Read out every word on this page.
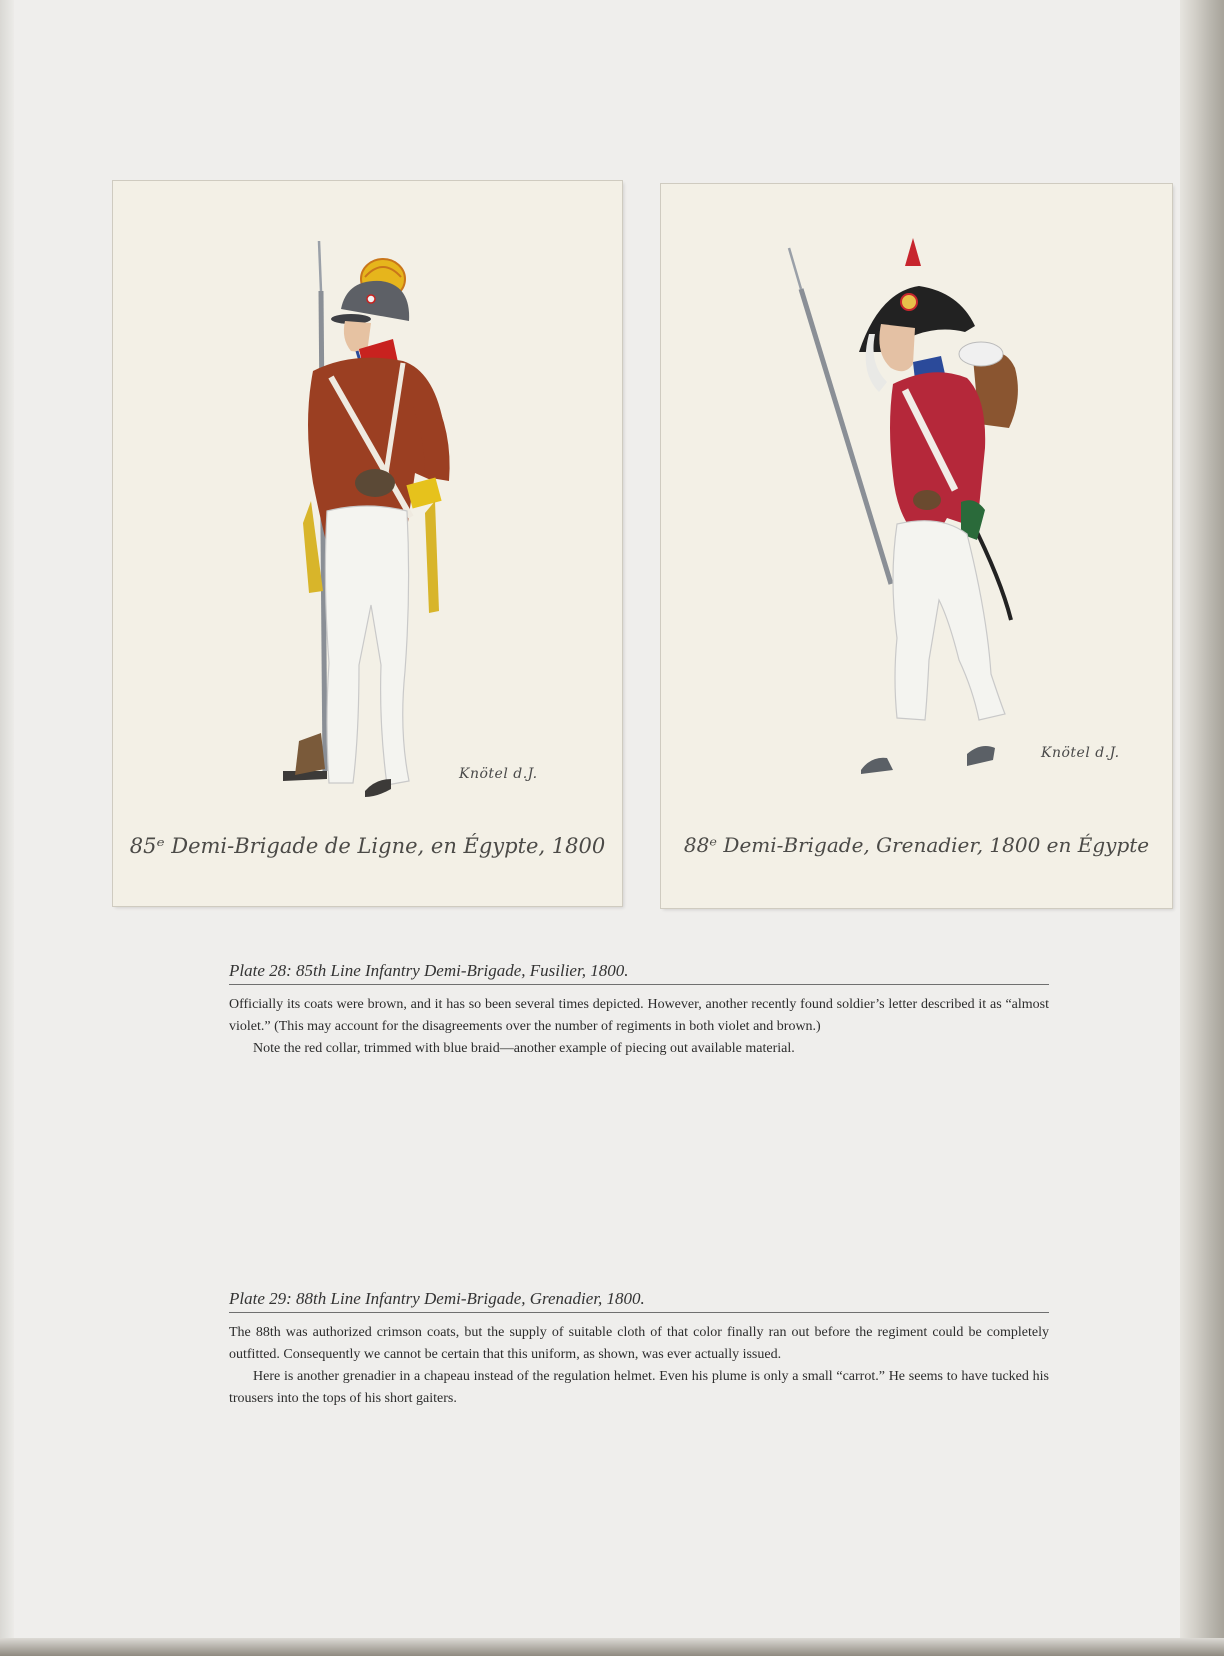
Knötel d.J.
85ᵉ Demi-Brigade de Ligne, en Égypte, 1800
Knötel d.J.
88ᵉ Demi-Brigade, Grenadier, 1800 en Égypte
Plate 28: 85th Line Infantry Demi-Brigade, Fusilier, 1800.

Officially its coats were brown, and it has so been several times depicted. However, another recently found soldier’s letter described it as “almost violet.” (This may account for the disagreements over the number of regiments in both violet and brown.)

Note the red collar, trimmed with blue braid—another example of piecing out available material.

Plate 29: 88th Line Infantry Demi-Brigade, Grenadier, 1800.

The 88th was authorized crimson coats, but the supply of suitable cloth of that color finally ran out before the regiment could be completely outfitted. Consequently we cannot be certain that this uniform, as shown, was ever actually issued.

Here is another grenadier in a chapeau instead of the regulation helmet. Even his plume is only a small “carrot.” He seems to have tucked his trousers into the tops of his short gaiters.
